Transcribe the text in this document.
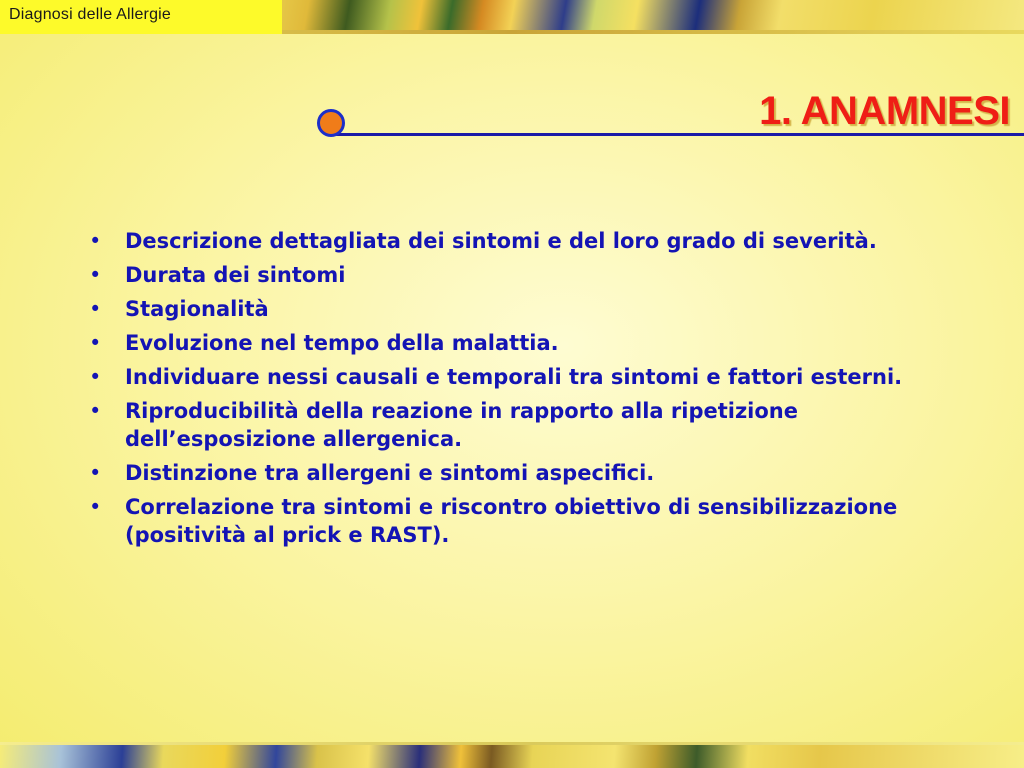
Diagnosi delle Allergie
1. ANAMNESI
• Descrizione dettagliata dei sintomi e del loro grado di severità.
• Durata dei sintomi
• Stagionalità
• Evoluzione nel tempo della malattia.
• Individuare nessi causali e temporali tra sintomi e fattori esterni.
• Riproducibilità della reazione in rapporto alla ripetizione dell’esposizione allergenica.
• Distinzione tra allergeni e sintomi aspecifici.
• Correlazione tra sintomi e riscontro obiettivo di sensibilizzazione (positività al prick e RAST).
